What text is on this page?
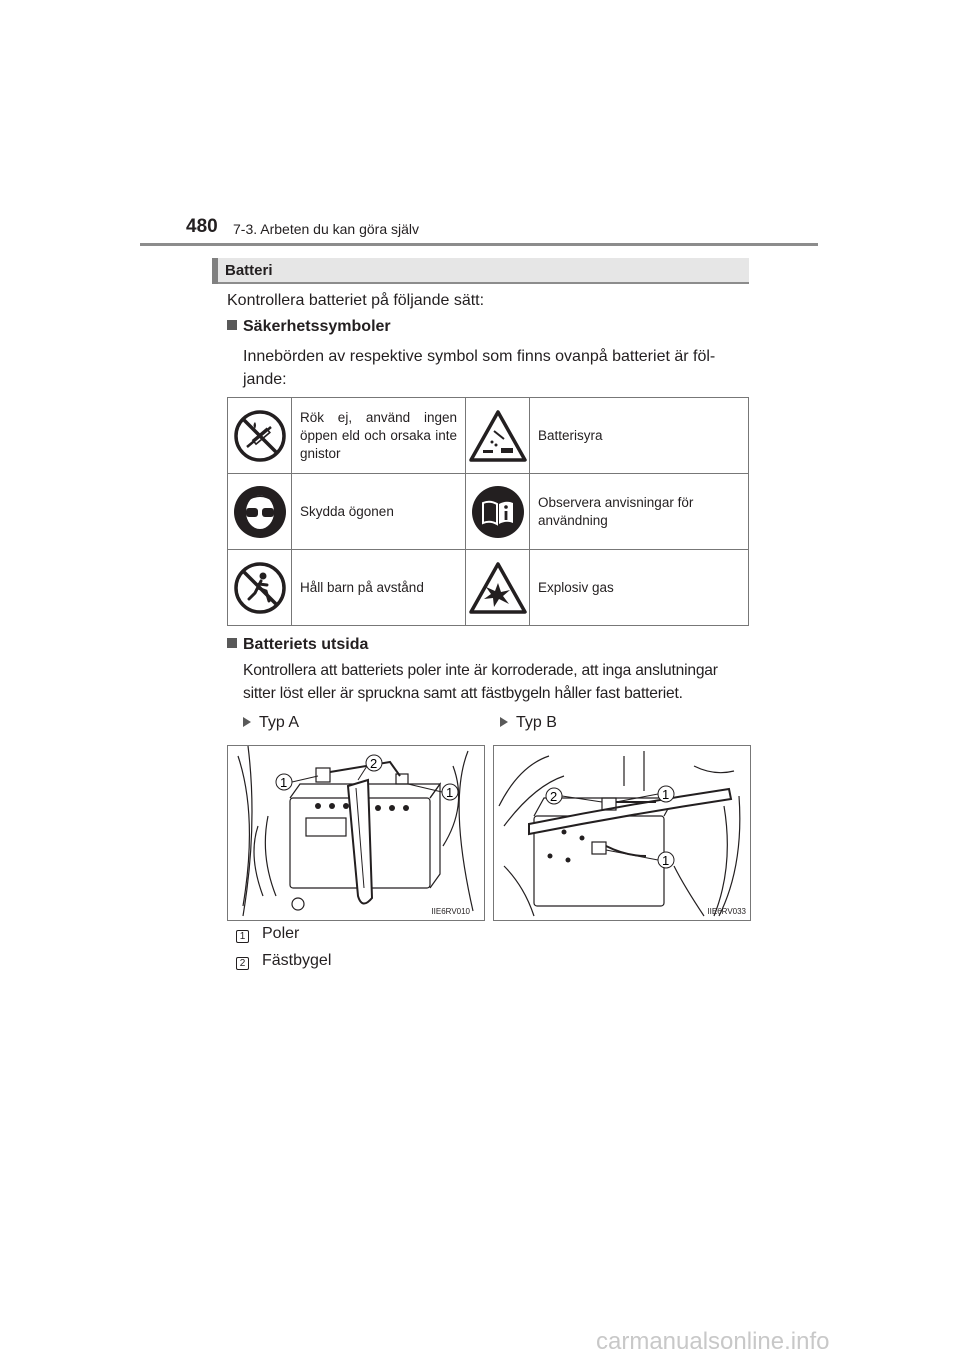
480 7-3. Arbeten du kan göra själv
Batteri
Kontrollera batteriet på följande sätt:
Säkerhetssymboler
Innebörden av respektive symbol som finns ovanpå batteriet är föl-
jande:

Rök ej, använd ingen öppen eld och orsaka inte gnistor		Batterisyra

	Skydda ögonen		Observera anvisningar för användning

	Håll barn på avstånd		Explosiv gas
Batteriets utsida
Kontrollera att batteriets poler inte är korroderade, att inga anslutningar
sitter löst eller är spruckna samt att fästbygeln håller fast batteriet.
Typ A	Typ B
1
2
1
IIE6RV010
2	1
1
IIE6RV033
1 Poler
2 Fästbygel
carmanualsonline.info
